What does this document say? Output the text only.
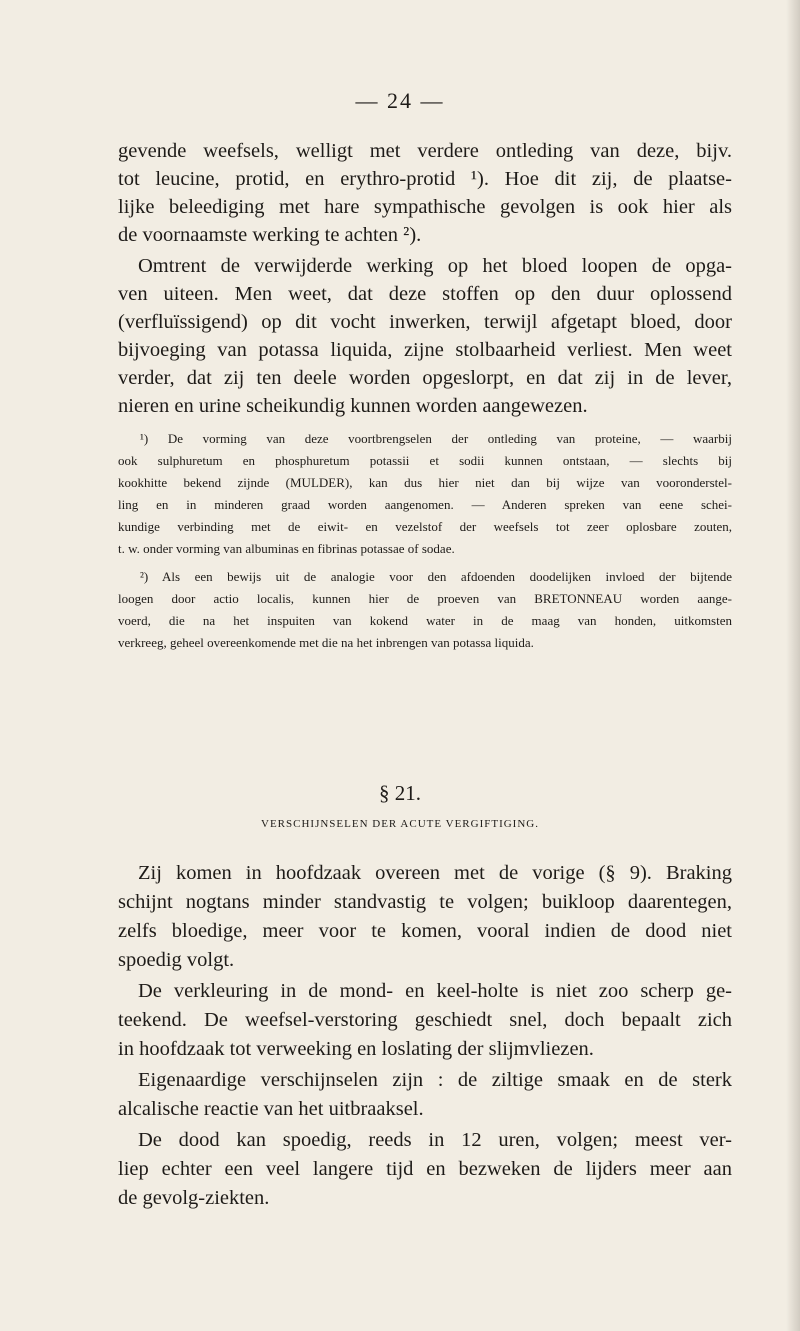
— 24 —
gevende weefsels, welligt met verdere ontleding van deze, bijv.
tot leucine, protid, en erythro-protid ¹). Hoe dit zij, de plaatse-
lijke beleediging met hare sympathische gevolgen is ook hier als
de voornaamste werking te achten ²).
Omtrent de verwijderde werking op het bloed loopen de opga-
ven uiteen. Men weet, dat deze stoffen op den duur oplossend
(verfluïssigend) op dit vocht inwerken, terwijl afgetapt bloed, door
bijvoeging van potassa liquida, zijne stolbaarheid verliest. Men weet
verder, dat zij ten deele worden opgeslorpt, en dat zij in de lever,
nieren en urine scheikundig kunnen worden aangewezen.
¹) De vorming van deze voortbrengselen der ontleding van proteine, — waarbij
ook sulphuretum en phosphuretum potassii et sodii kunnen ontstaan, — slechts bij
kookhitte bekend zijnde (MULDER), kan dus hier niet dan bij wijze van vooronderstel-
ling en in minderen graad worden aangenomen. — Anderen spreken van eene schei-
kundige verbinding met de eiwit- en vezelstof der weefsels tot zeer oplosbare zouten,
t. w. onder vorming van albuminas en fibrinas potassae of sodae.
²) Als een bewijs uit de analogie voor den afdoenden doodelijken invloed der bijtende
loogen door actio localis, kunnen hier de proeven van BRETONNEAU worden aange-
voerd, die na het inspuiten van kokend water in de maag van honden, uitkomsten
verkreeg, geheel overeenkomende met die na het inbrengen van potassa liquida.
§ 21.
VERSCHIJNSELEN DER ACUTE VERGIFTIGING.
Zij komen in hoofdzaak overeen met de vorige (§ 9). Braking
schijnt nogtans minder standvastig te volgen; buikloop daarentegen,
zelfs bloedige, meer voor te komen, vooral indien de dood niet
spoedig volgt.
De verkleuring in de mond- en keel-holte is niet zoo scherp ge-
teekend. De weefsel-verstoring geschiedt snel, doch bepaalt zich
in hoofdzaak tot verweeking en loslating der slijmvliezen.
Eigenaardige verschijnselen zijn : de ziltige smaak en de sterk
alcalische reactie van het uitbraaksel.
De dood kan spoedig, reeds in 12 uren, volgen; meest ver-
liep echter een veel langere tijd en bezweken de lijders meer aan
de gevolg-ziekten.
